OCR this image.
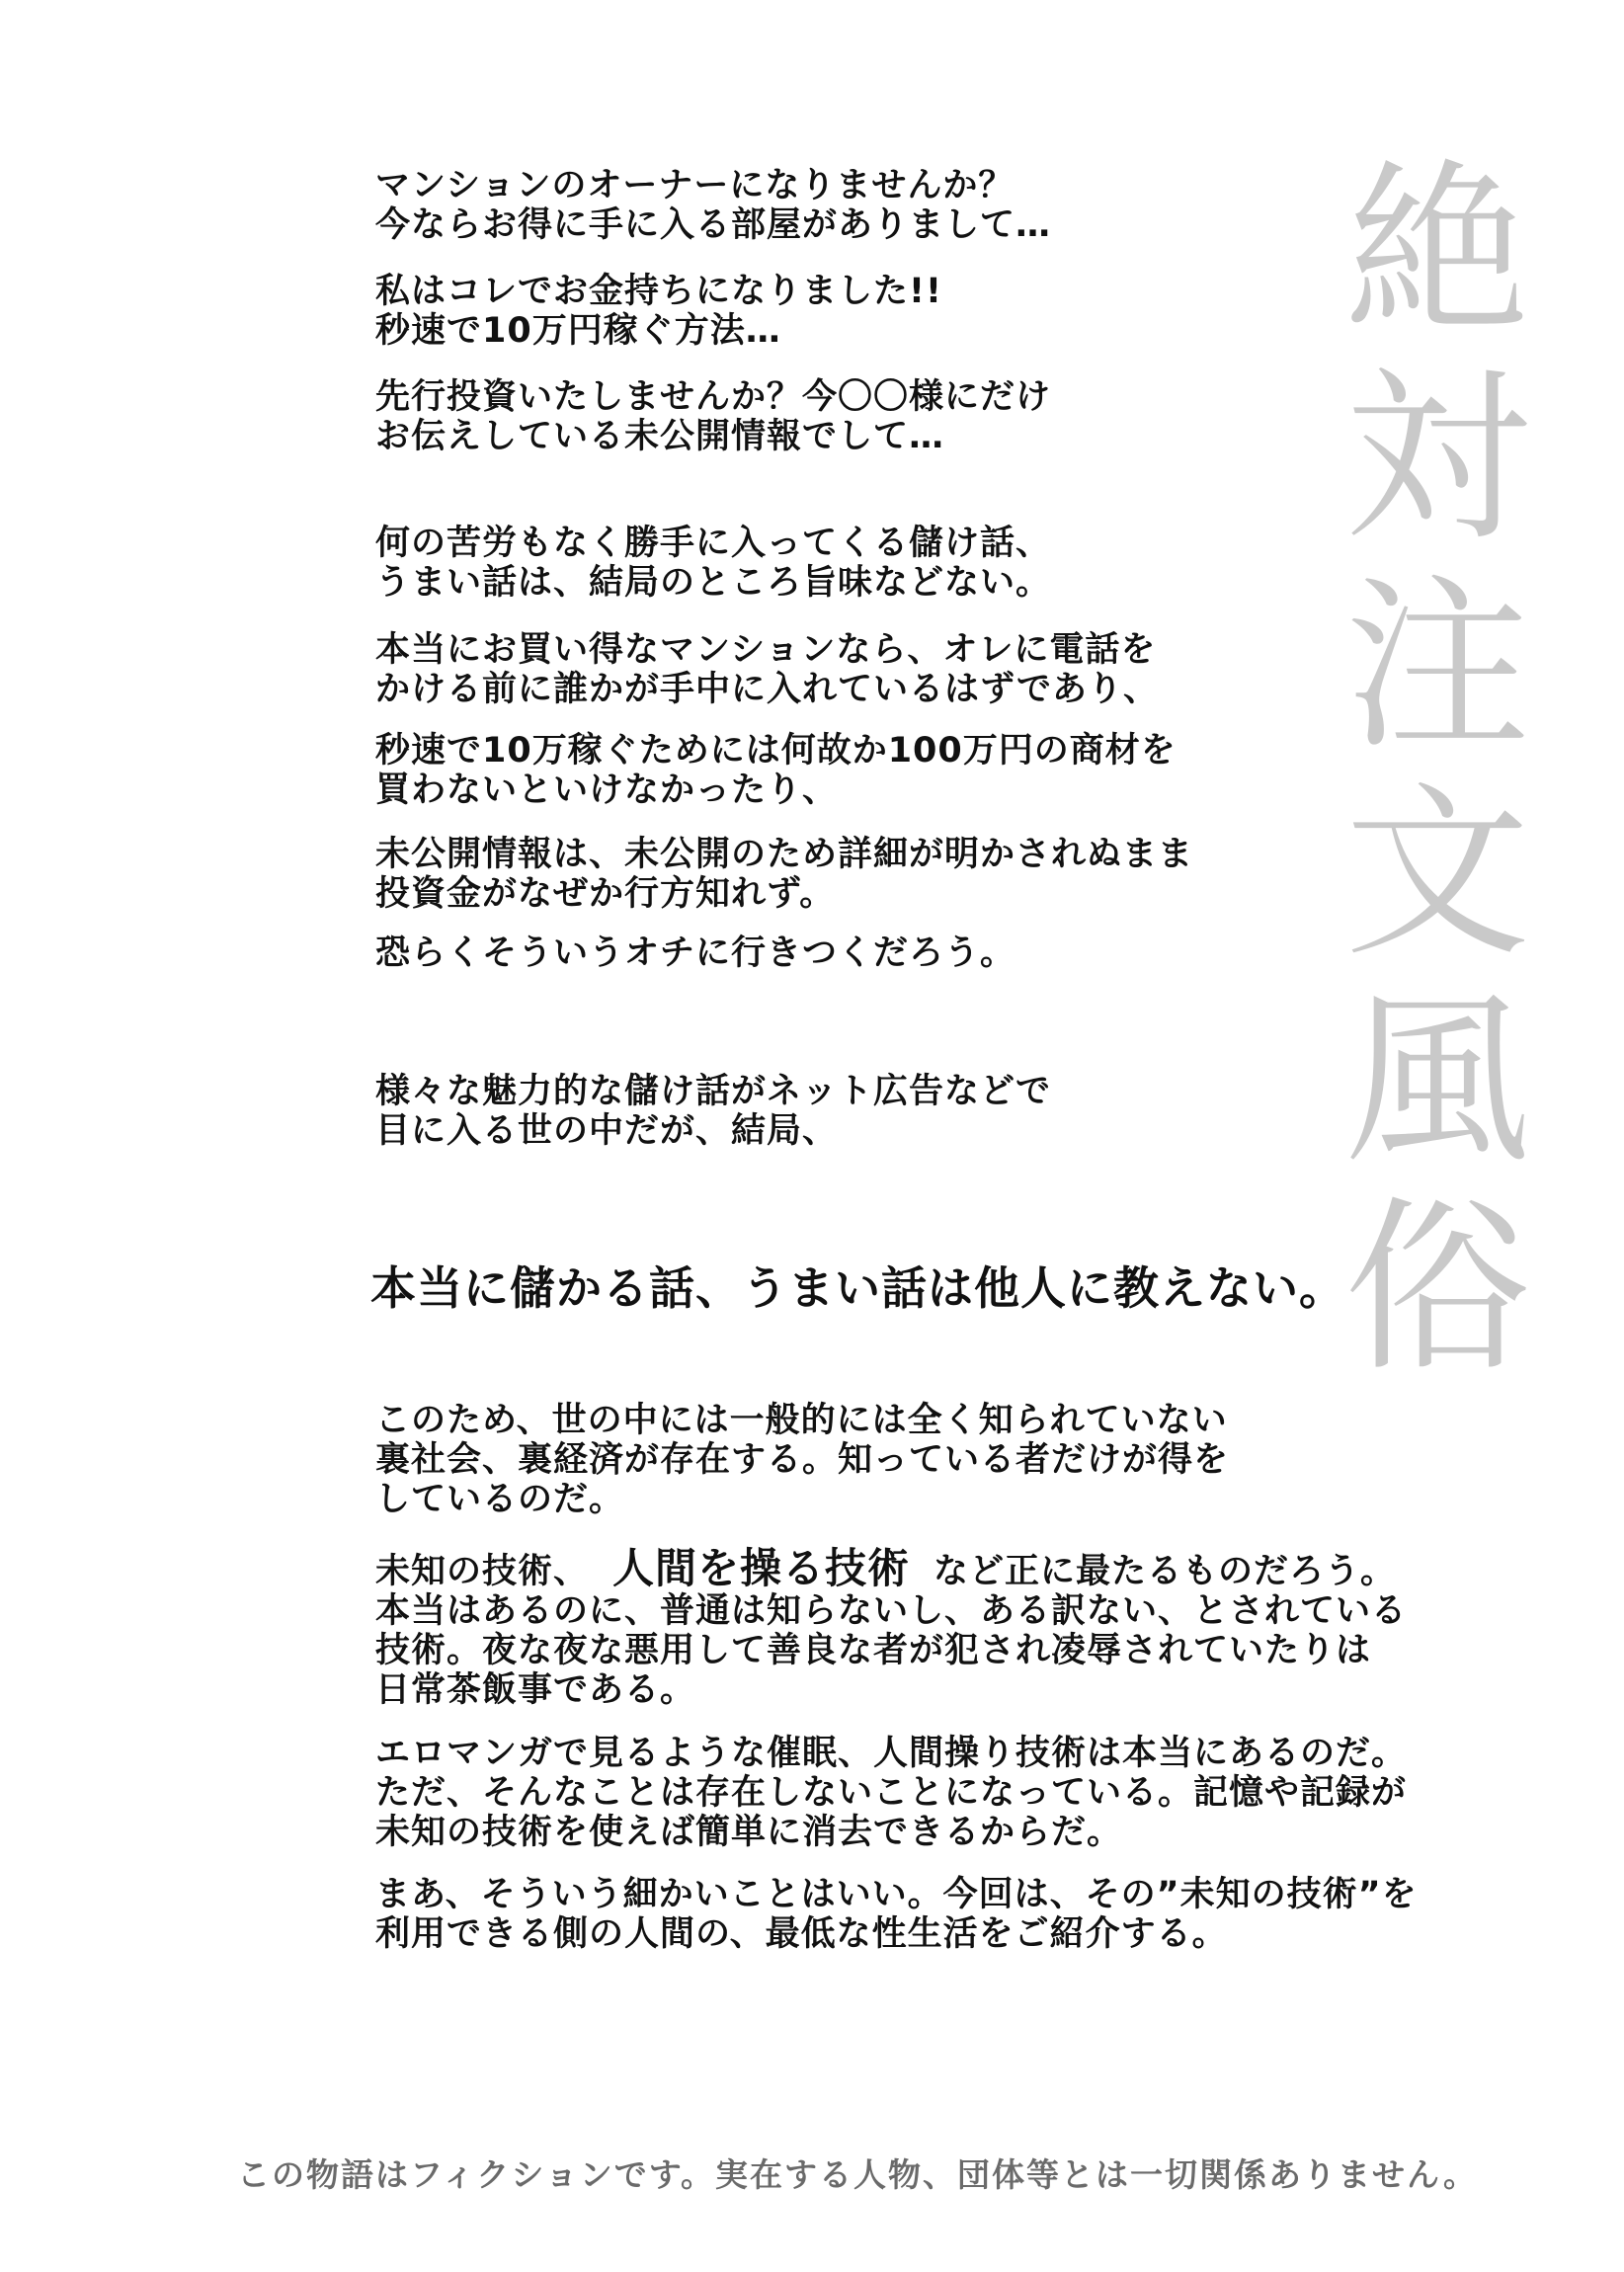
絶
対
注
文
風
俗
マンションのオーナーになりませんか？
今ならお得に手に入る部屋がありまして…
私はコレでお金持ちになりました!!
秒速で10万円稼ぐ方法…
先行投資いたしませんか？今〇〇様にだけ
お伝えしている未公開情報でして…
何の苦労もなく勝手に入ってくる儲け話、
うまい話は、結局のところ旨味などない。
本当にお買い得なマンションなら、オレに電話を
かける前に誰かが手中に入れているはずであり、
秒速で10万稼ぐためには何故か100万円の商材を
買わないといけなかったり、
未公開情報は、未公開のため詳細が明かされぬまま
投資金がなぜか行方知れず。
恐らくそういうオチに行きつくだろう。
様々な魅力的な儲け話がネット広告などで
目に入る世の中だが、結局、
本当に儲かる話、うまい話は他人に教えない。
このため、世の中には一般的には全く知られていない
裏社会、裏経済が存在する。知っている者だけが得を
しているのだ。
未知の技術、 人間を操る技術 など正に最たるものだろう。
本当はあるのに、普通は知らないし、ある訳ない、とされている
技術。夜な夜な悪用して善良な者が犯され凌辱されていたりは
日常茶飯事である。
エロマンガで見るような催眠、人間操り技術は本当にあるのだ。
ただ、そんなことは存在しないことになっている。記憶や記録が
未知の技術を使えば簡単に消去できるからだ。
まあ、そういう細かいことはいい。今回は、その”未知の技術”を
利用できる側の人間の、最低な性生活をご紹介する。
この物語はフィクションです。実在する人物、団体等とは一切関係ありません。
